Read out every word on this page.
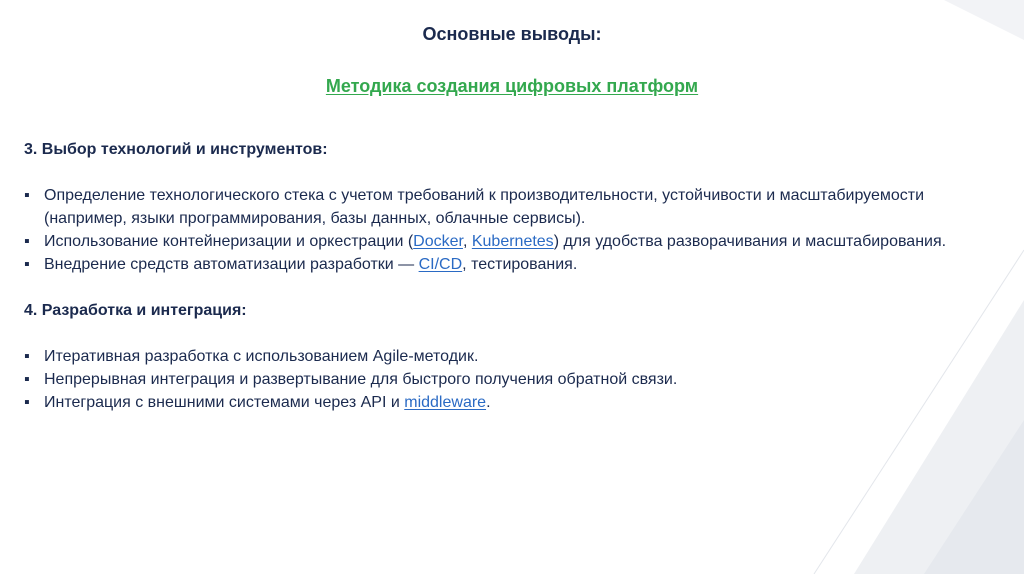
Основные выводы:
Методика создания цифровых платформ
3. Выбор технологий и инструментов:
▪ Определение технологического стека с учетом требований к производительности, устойчивости и масштабируемости (например, языки программирования, базы данных, облачные сервисы).
▪ Использование контейнеризации и оркестрации (Docker, Kubernetes) для удобства разворачивания и масштабирования.
▪ Внедрение средств автоматизации разработки — CI/CD, тестирования.
4. Разработка и интеграция:
▪ Итеративная разработка с использованием Agile-методик.
▪ Непрерывная интеграция и развертывание для быстрого получения обратной связи.
▪ Интеграция с внешними системами через API и middleware.
